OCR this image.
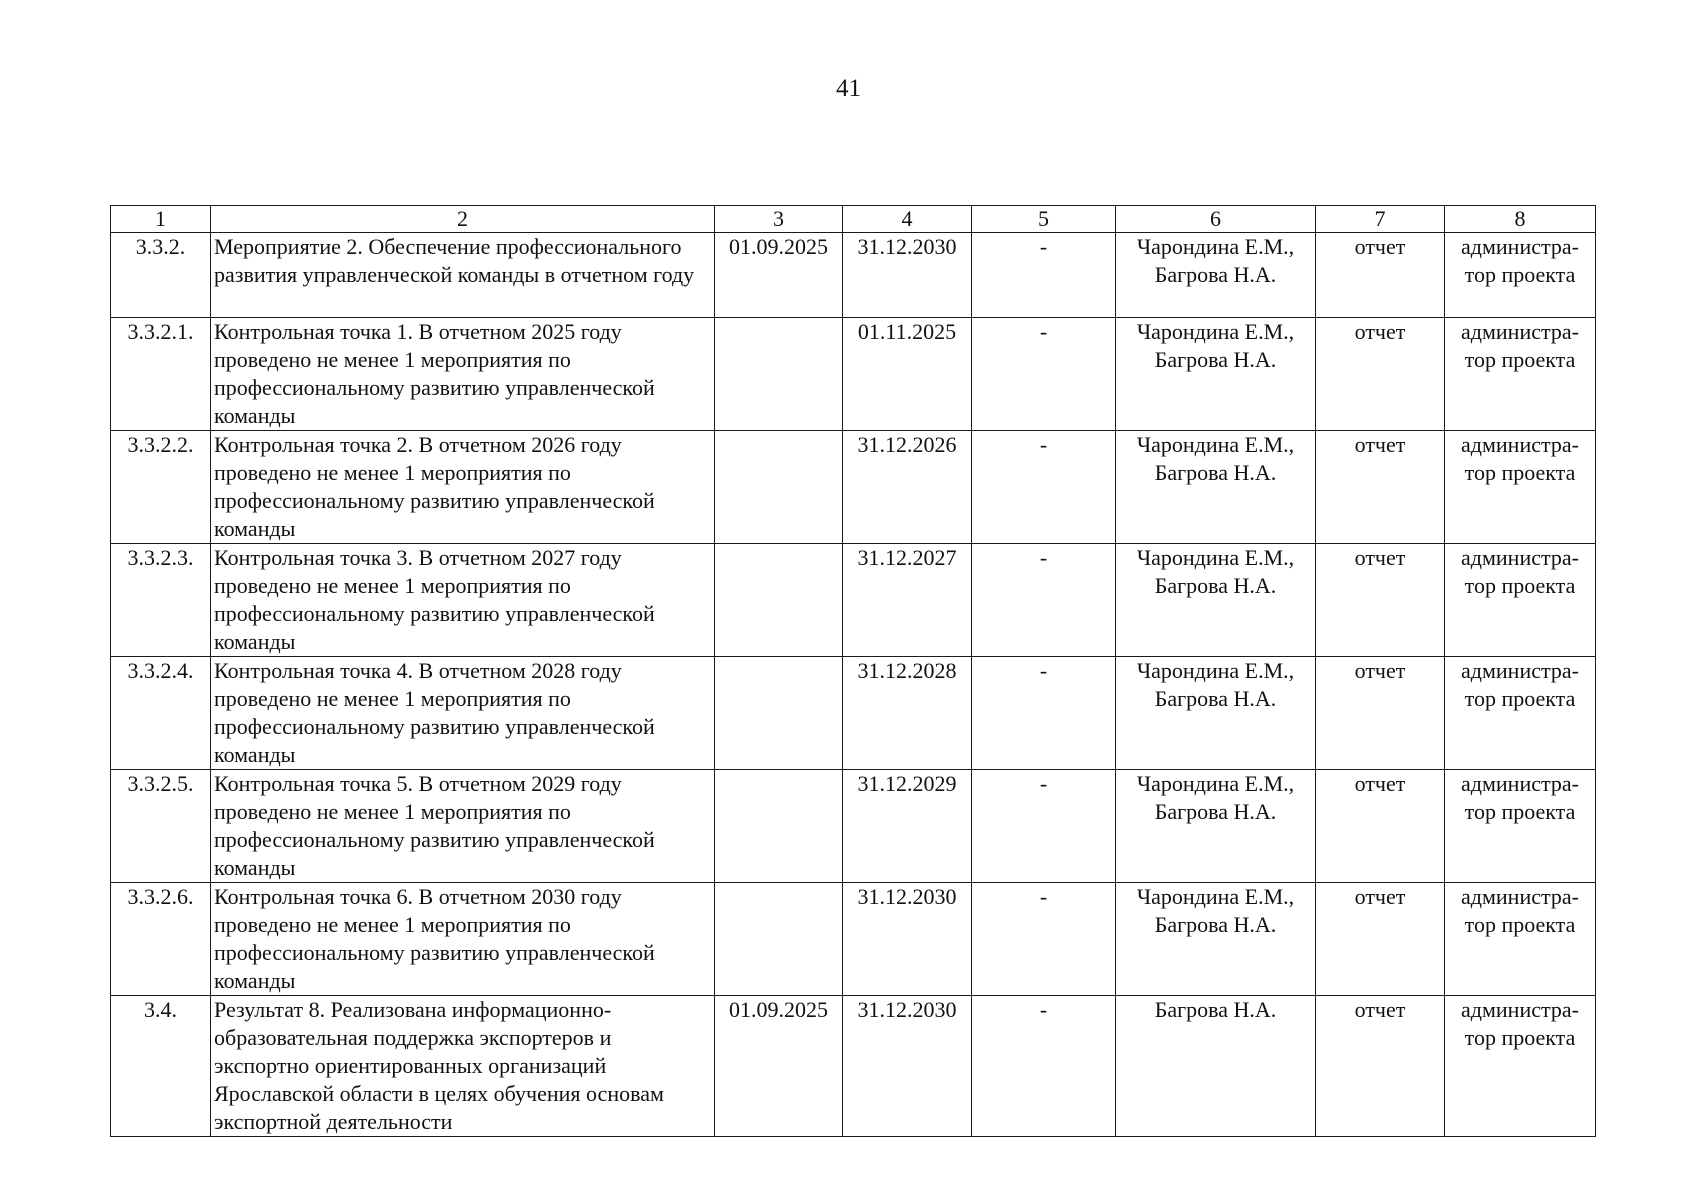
41
1	2	3	4	5	6	7	8
3.3.2.	Мероприятие 2. Обеспечение профессионального развития управленческой команды в отчетном году	01.09.2025	31.12.2030	-	Чарондина Е.М., Багрова Н.А.	отчет	администра-тор проекта
3.3.2.1.	Контрольная точка 1. В отчетном 2025 году проведено не менее 1 мероприятия по профессиональному развитию управленческой команды		01.11.2025	-	Чарондина Е.М., Багрова Н.А.	отчет	администра-тор проекта
3.3.2.2.	Контрольная точка 2. В отчетном 2026 году проведено не менее 1 мероприятия по профессиональному развитию управленческой команды		31.12.2026	-	Чарондина Е.М., Багрова Н.А.	отчет	администра-тор проекта
3.3.2.3.	Контрольная точка 3. В отчетном 2027 году проведено не менее 1 мероприятия по профессиональному развитию управленческой команды		31.12.2027	-	Чарондина Е.М., Багрова Н.А.	отчет	администра-тор проекта
3.3.2.4.	Контрольная точка 4. В отчетном 2028 году проведено не менее 1 мероприятия по профессиональному развитию управленческой команды		31.12.2028	-	Чарондина Е.М., Багрова Н.А.	отчет	администра-тор проекта
3.3.2.5.	Контрольная точка 5. В отчетном 2029 году проведено не менее 1 мероприятия по профессиональному развитию управленческой команды		31.12.2029	-	Чарондина Е.М., Багрова Н.А.	отчет	администра-тор проекта
3.3.2.6.	Контрольная точка 6. В отчетном 2030 году проведено не менее 1 мероприятия по профессиональному развитию управленческой команды		31.12.2030	-	Чарондина Е.М., Багрова Н.А.	отчет	администра-тор проекта
3.4.	Результат 8. Реализована информационно-образовательная поддержка экспортеров и экспортно ориентированных организаций Ярославской области в целях обучения основам экспортной деятельности	01.09.2025	31.12.2030	-	Багрова Н.А.	отчет	администра-тор проекта
